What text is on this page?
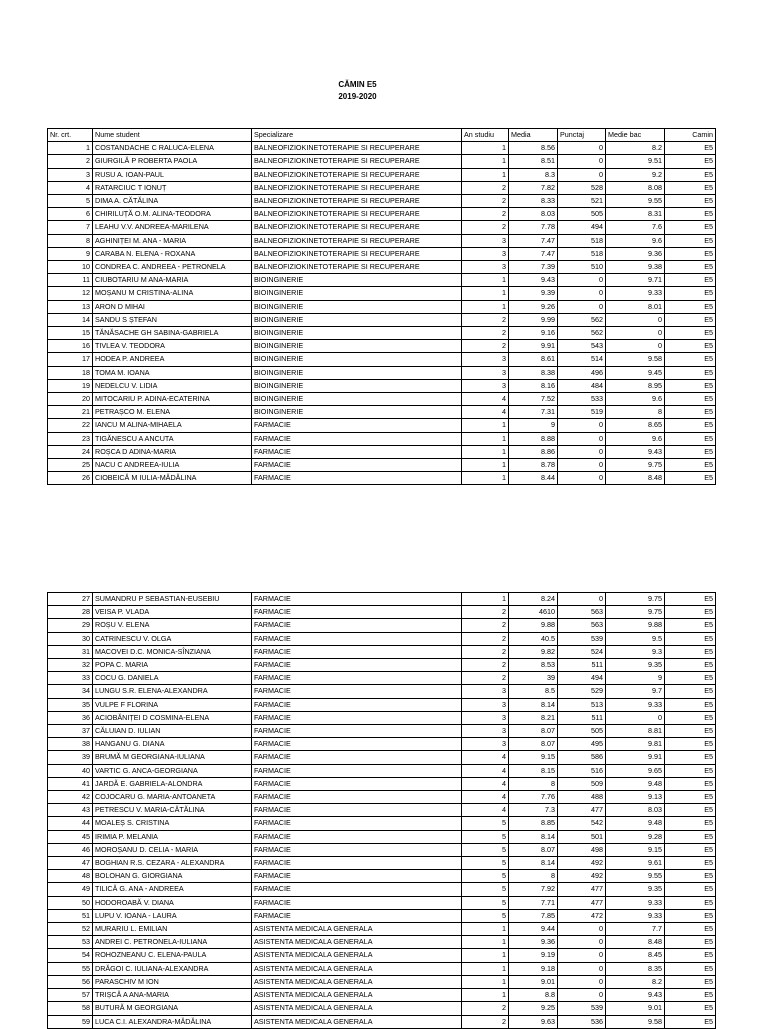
CĂMIN E5
2019-2020
Nr. crt.	Nume student	Specializare	An studiu	Media	Punctaj	Medie bac	Camin
1	COSTANDACHE C RALUCA-ELENA	BALNEOFIZIOKINETOTERAPIE SI RECUPERARE	1	8.56	0	8.2	E5
2	GIURGILĂ P ROBERTA PAOLA	BALNEOFIZIOKINETOTERAPIE SI RECUPERARE	1	8.51	0	9.51	E5
3	RUSU A. IOAN-PAUL	BALNEOFIZIOKINETOTERAPIE SI RECUPERARE	1	8.3	0	9.2	E5
4	RATARCIUC T IONUȚ	BALNEOFIZIOKINETOTERAPIE SI RECUPERARE	2	7.82	528	8.08	E5
5	DIMA A. CĂTĂLINA	BALNEOFIZIOKINETOTERAPIE SI RECUPERARE	2	8.33	521	9.55	E5
6	CHIRILUȚĂ O.M. ALINA-TEODORA	BALNEOFIZIOKINETOTERAPIE SI RECUPERARE	2	8.03	505	8.31	E5
7	LEAHU V.V. ANDREEA-MARILENA	BALNEOFIZIOKINETOTERAPIE SI RECUPERARE	2	7.78	494	7.6	E5
8	AGHINIȚEI M. ANA - MARIA	BALNEOFIZIOKINETOTERAPIE SI RECUPERARE	3	7.47	518	9.6	E5
9	CARABA N. ELENA - ROXANA	BALNEOFIZIOKINETOTERAPIE SI RECUPERARE	3	7.47	518	9.36	E5
10	CONDREA C. ANDREEA - PETRONELA	BALNEOFIZIOKINETOTERAPIE SI RECUPERARE	3	7.39	510	9.38	E5
11	CIUBOTARIU M ANA-MARIA	BIOINGINERIE	1	9.43	0	9.71	E5
12	MOȘANU M CRISTINA-ALINA	BIOINGINERIE	1	9.39	0	9.33	E5
13	ARON D MIHAI	BIOINGINERIE	1	9.26	0	8.01	E5
14	SANDU S ȘTEFAN	BIOINGINERIE	2	9.99	562	0	E5
15	TĂNĂSACHE GH SABINA-GABRIELA	BIOINGINERIE	2	9.16	562	0	E5
16	TIVLEA V. TEODORA	BIOINGINERIE	2	9.91	543	0	E5
17	HODEA P. ANDREEA	BIOINGINERIE	3	8.61	514	9.58	E5
18	TOMA M. IOANA	BIOINGINERIE	3	8.38	496	9.45	E5
19	NEDELCU V. LIDIA	BIOINGINERIE	3	8.16	484	8.95	E5
20	MITOCARIU P. ADINA-ECATERINA	BIOINGINERIE	4	7.52	533	9.6	E5
21	PETRAȘCO M. ELENA	BIOINGINERIE	4	7.31	519	8	E5
22	IANCU M ALINA-MIHAELA	FARMACIE	1	9	0	8.65	E5
23	TIGĂNESCU A ANCUTA	FARMACIE	1	8.88	0	9.6	E5
24	ROȘCA D ADINA-MARIA	FARMACIE	1	8.86	0	9.43	E5
25	NACU C ANDREEA-IULIA	FARMACIE	1	8.78	0	9.75	E5
26	CIOBEICĂ M IULIA-MĂDĂLINA	FARMACIE	1	8.44	0	8.48	E5
27	SUMANDRU P SEBASTIAN-EUSEBIU	FARMACIE	1	8.24	0	9.75	E5
28	VEISA P. VLADA	FARMACIE	2	4610	563	9.75	E5
29	ROȘU V. ELENA	FARMACIE	2	9.88	563	9.88	E5
30	CATRINESCU V. OLGA	FARMACIE	2	40.5	539	9.5	E5
31	MACOVEI D.C. MONICA-SÎNZIANA	FARMACIE	2	9.82	524	9.3	E5
32	POPA C. MARIA	FARMACIE	2	8.53	511	9.35	E5
33	COCU G. DANIELA	FARMACIE	2	39	494	9	E5
34	LUNGU S.R. ELENA-ALEXANDRA	FARMACIE	3	8.5	529	9.7	E5
35	VULPE F FLORINA	FARMACIE	3	8.14	513	9.33	E5
36	ACIOBĂNIȚEI D COSMINA-ELENA	FARMACIE	3	8.21	511	0	E5
37	CĂLUIAN D. IULIAN	FARMACIE	3	8.07	505	8.81	E5
38	HANGANU G. DIANA	FARMACIE	3	8.07	495	9.81	E5
39	BRUMĂ M GEORGIANA-IULIANA	FARMACIE	4	9.15	586	9.91	E5
40	VARTIC G. ANCA-GEORGIANA	FARMACIE	4	8.15	516	9.65	E5
41	JARDĂ E. GABRIELA-ALONDRA	FARMACIE	4	8	509	9.48	E5
42	COJOCARU G. MARIA-ANTOANETA	FARMACIE	4	7.76	488	9.13	E5
43	PETRESCU V. MARIA-CĂTĂLINA	FARMACIE	4	7.3	477	8.03	E5
44	MOALEȘ S. CRISTINA	FARMACIE	5	8.85	542	9.48	E5
45	IRIMIA P. MELANIA	FARMACIE	5	8.14	501	9.28	E5
46	MOROȘANU D. CELIA - MARIA	FARMACIE	5	8.07	498	9.15	E5
47	BOGHIAN R.S. CEZARA - ALEXANDRA	FARMACIE	5	8.14	492	9.61	E5
48	BOLOHAN G. GIORGIANA	FARMACIE	5	8	492	9.55	E5
49	TILICĂ G. ANA - ANDREEA	FARMACIE	5	7.92	477	9.35	E5
50	HODOROABĂ V. DIANA	FARMACIE	5	7.71	477	9.33	E5
51	LUPU V. IOANA - LAURA	FARMACIE	5	7.85	472	9.33	E5
52	MURARIU L. EMILIAN	ASISTENTA MEDICALA GENERALA	1	9.44	0	7.7	E5
53	ANDREI C. PETRONELA-IULIANA	ASISTENTA MEDICALA GENERALA	1	9.36	0	8.48	E5
54	ROHOZNEANU C. ELENA-PAULA	ASISTENTA MEDICALA GENERALA	1	9.19	0	8.45	E5
55	DRĂGOI C. IULIANA-ALEXANDRA	ASISTENTA MEDICALA GENERALA	1	9.18	0	8.35	E5
56	PARASCHIV M ION	ASISTENTA MEDICALA GENERALA	1	9.01	0	8.2	E5
57	TRIȘCĂ A ANA-MARIA	ASISTENTA MEDICALA GENERALA	1	8.8	0	9.43	E5
58	BUTURĂ M GEORGIANA	ASISTENTA MEDICALA GENERALA	2	9.25	539	9.01	E5
59	LUCA C.I. ALEXANDRA-MĂDĂLINA	ASISTENTA MEDICALA GENERALA	2	9.63	536	9.58	E5
